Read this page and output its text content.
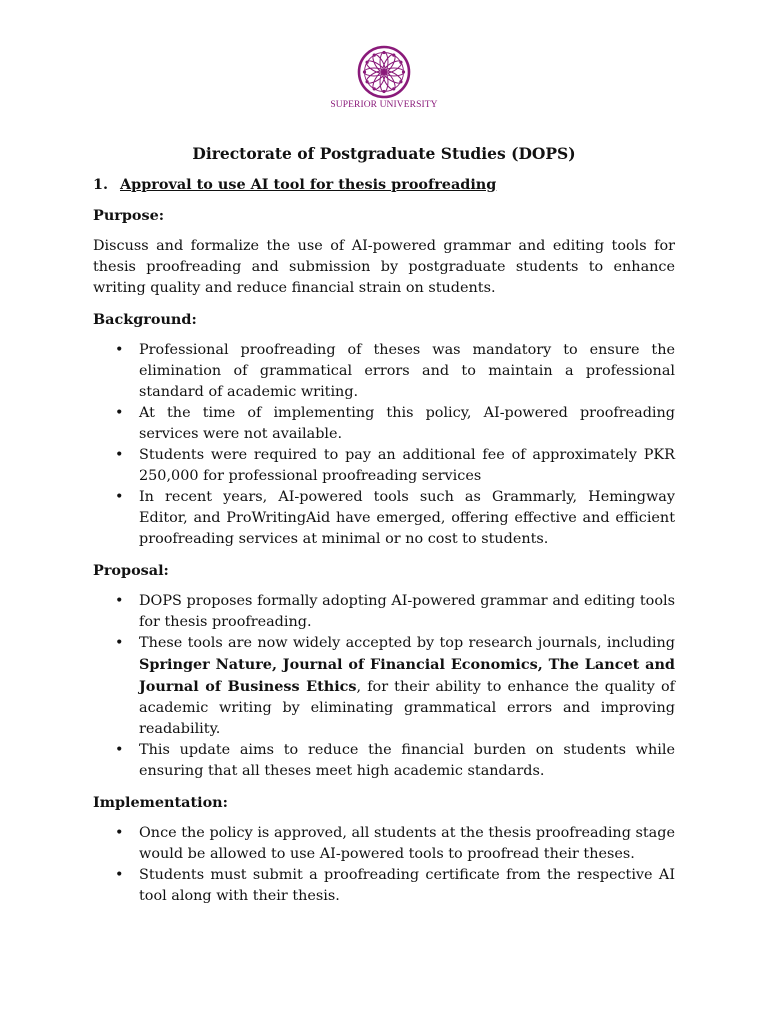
SUPERIOR UNIVERSITY
Directorate of Postgraduate Studies (DOPS)
1. Approval to use AI tool for thesis proofreading
Purpose:
Discuss and formalize the use of AI-powered grammar and editing tools for thesis proofreading and submission by postgraduate students to enhance writing quality and reduce financial strain on students.
Background:
• Professional proofreading of theses was mandatory to ensure the elimination of grammatical errors and to maintain a professional standard of academic writing.
• At the time of implementing this policy, AI-powered proofreading services were not available.
• Students were required to pay an additional fee of approximately PKR 250,000 for professional proofreading services
• In recent years, AI-powered tools such as Grammarly, Hemingway Editor, and ProWritingAid have emerged, offering effective and efficient proofreading services at minimal or no cost to students.
Proposal:
• DOPS proposes formally adopting AI-powered grammar and editing tools for thesis proofreading.
• These tools are now widely accepted by top research journals, including Springer Nature, Journal of Financial Economics, The Lancet and Journal of Business Ethics, for their ability to enhance the quality of academic writing by eliminating grammatical errors and improving readability.
• This update aims to reduce the financial burden on students while ensuring that all theses meet high academic standards.
Implementation:
• Once the policy is approved, all students at the thesis proofreading stage would be allowed to use AI-powered tools to proofread their theses.
• Students must submit a proofreading certificate from the respective AI tool along with their thesis.
